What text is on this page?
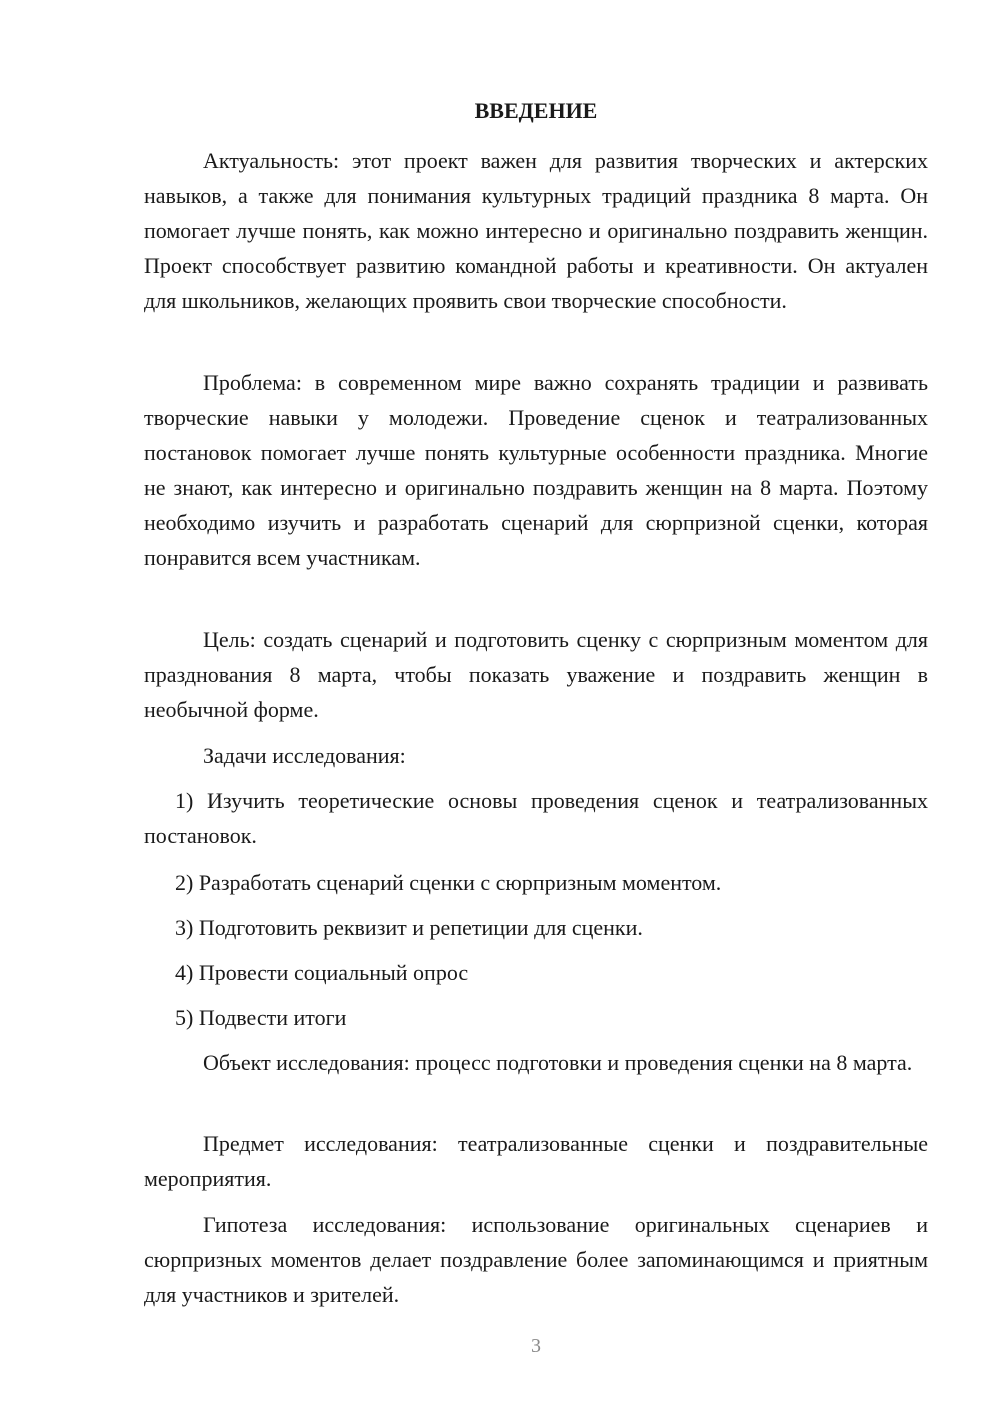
ВВЕДЕНИЕ

Актуальность: этот проект важен для развития творческих и актерских навыков, а также для понимания культурных традиций праздника 8 марта. Он помогает лучше понять, как можно интересно и оригинально поздравить женщин. Проект способствует развитию командной работы и креативности. Он актуален для школьников, желающих проявить свои творческие способности.

Проблема: в современном мире важно сохранять традиции и развивать творческие навыки у молодежи. Проведение сценок и театрализованных постановок помогает лучше понять культурные особенности праздника. Многие не знают, как интересно и оригинально поздравить женщин на 8 марта. Поэтому необходимо изучить и разработать сценарий для сюрпризной сценки, которая понравится всем участникам.

Цель: создать сценарий и подготовить сценку с сюрпризным моментом для празднования 8 марта, чтобы показать уважение и поздравить женщин в необычной форме.

Задачи исследования:

1) Изучить теоретические основы проведения сценок и театрализованных постановок.

2) Разработать сценарий сценки с сюрпризным моментом.

3) Подготовить реквизит и репетиции для сценки.

4) Провести социальный опрос

5) Подвести итоги

Объект исследования: процесс подготовки и проведения сценки на 8 марта.

Предмет исследования: театрализованные сценки и поздравительные мероприятия.

Гипотеза исследования: использование оригинальных сценариев и сюрпризных моментов делает поздравление более запоминающимся и приятным для участников и зрителей.

3
